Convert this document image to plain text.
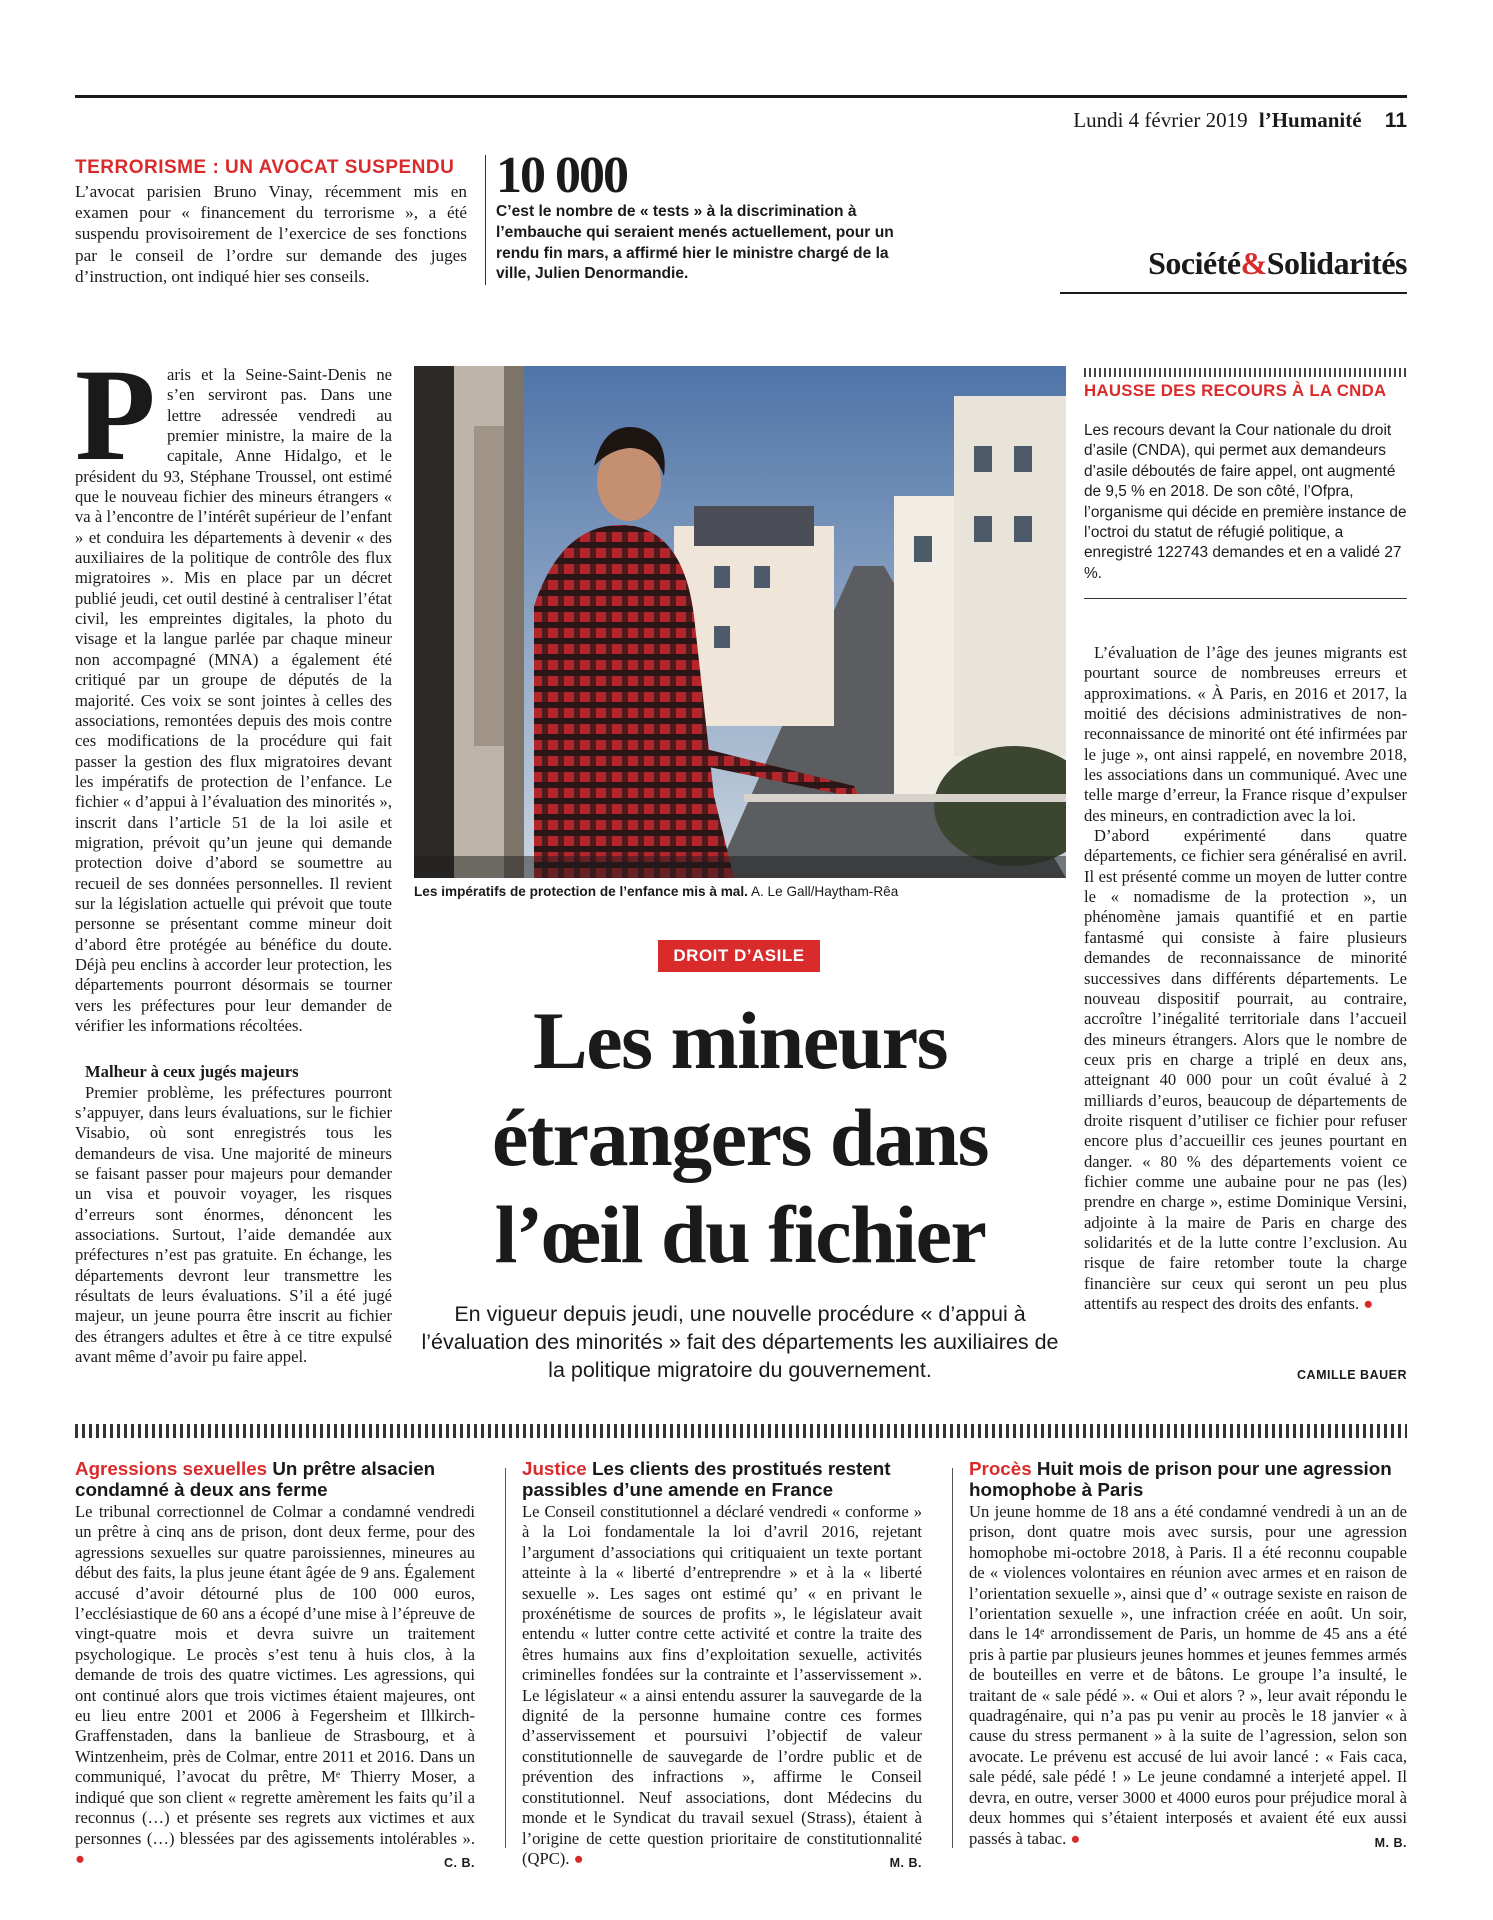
Lundi 4 février 2019 l’Humanité 11
TERRORISME : UN AVOCAT SUSPENDU
L’avocat parisien Bruno Vinay, récemment mis en examen pour « financement du terrorisme », a été suspendu provisoirement de l’exercice de ses fonctions par le conseil de l’ordre sur demande des juges d’instruction, ont indiqué hier ses conseils.
10 000
C’est le nombre de « tests » à la discrimination à l’embauche qui seraient menés actuellement, pour un rendu fin mars, a affirmé hier le ministre chargé de la ville, Julien Denormandie.	Société&Solidarités
P aris et la Seine-Saint-Denis ne s’en serviront pas. Dans une lettre adressée vendredi au premier ministre, la maire de la capitale, Anne Hidalgo, et le président du 93, Stéphane Troussel, ont estimé que le nouveau fichier des mineurs étrangers « va à l’encontre de l’intérêt supérieur de l’enfant » et conduira les départements à devenir « des auxiliaires de la politique de contrôle des flux migratoires ». Mis en place par un décret publié jeudi, cet outil destiné à centraliser l’état civil, les empreintes digitales, la photo du visage et la langue parlée par chaque mineur non accompagné (MNA) a également été critiqué par un groupe de députés de la majorité. Ces voix se sont jointes à celles des associations, remontées depuis des mois contre ces modifications de la procédure qui fait passer la gestion des flux migratoires devant les impératifs de protection de l’enfance. Le fichier « d’appui à l’évaluation des minorités », inscrit dans l’article 51 de la loi asile et migration, prévoit qu’un jeune qui demande protection doive d’abord se soumettre au recueil de ses données personnelles. Il revient sur la législation actuelle qui prévoit que toute personne se présentant comme mineur doit d’abord être protégée au bénéfice du doute. Déjà peu enclins à accorder leur protection, les départements pourront désormais se tourner vers les préfectures pour leur demander de vérifier les informations récoltées.

Malheur à ceux jugés majeurs

Premier problème, les préfectures pourront s’appuyer, dans leurs évaluations, sur le fichier Visabio, où sont enregistrés tous les demandeurs de visa. Une majorité de mineurs se faisant passer pour majeurs pour demander un visa et pouvoir voyager, les risques d’erreurs sont énormes, dénoncent les associations. Surtout, l’aide demandée aux préfectures n’est pas gratuite. En échange, les départements devront leur transmettre les résultats de leurs évaluations. S’il a été jugé majeur, un jeune pourra être inscrit au fichier des étrangers adultes et être à ce titre expulsé avant même d’avoir pu faire appel.

Les impératifs de protection de l’enfance mis à mal. A. Le Gall/Haytham-Rêa
DROIT D’ASILE
Les mineurs
étrangers dans
l’œil du fichier
En vigueur depuis jeudi, une nouvelle procédure « d’appui à l’évaluation des minorités » fait des départements les auxiliaires de la politique migratoire du gouvernement.
HAUSSE DES RECOURS À LA CNDA
Les recours devant la Cour nationale du droit d’asile (CNDA), qui permet aux demandeurs d’asile déboutés de faire appel, ont augmenté de 9,5 % en 2018. De son côté, l’Ofpra, l’organisme qui décide en première instance de l’octroi du statut de réfugié politique, a enregistré 122743 demandes et en a validé 27 %.

L’évaluation de l’âge des jeunes migrants est pourtant source de nombreuses erreurs et approximations. « À Paris, en 2016 et 2017, la moitié des décisions administratives de non-reconnaissance de minorité ont été infirmées par le juge », ont ainsi rappelé, en novembre 2018, les associations dans un communiqué. Avec une telle marge d’erreur, la France risque d’expulser des mineurs, en contradiction avec la loi.

D’abord expérimenté dans quatre départements, ce fichier sera généralisé en avril. Il est présenté comme un moyen de lutter contre le « nomadisme de la protection », un phénomène jamais quantifié et en partie fantasmé qui consiste à faire plusieurs demandes de reconnaissance de minorité successives dans différents départements. Le nouveau dispositif pourrait, au contraire, accroître l’inégalité territoriale dans l’accueil des mineurs étrangers. Alors que le nombre de ceux pris en charge a triplé en deux ans, atteignant 40 000 pour un coût évalué à 2 milliards d’euros, beaucoup de départements de droite risquent d’utiliser ce fichier pour refuser encore plus d’accueillir ces jeunes pourtant en danger. « 80 % des départements voient ce fichier comme une aubaine pour ne pas (les) prendre en charge », estime Dominique Versini, adjointe à la maire de Paris en charge des solidarités et de la lutte contre l’exclusion. Au risque de faire retomber toute la charge financière sur ceux qui seront un peu plus attentifs au respect des droits des enfants. ●

CAMILLE BAUER
Agressions sexuelles Un prêtre alsacien condamné à deux ans ferme
Le tribunal correctionnel de Colmar a condamné vendredi un prêtre à cinq ans de prison, dont deux ferme, pour des agressions sexuelles sur quatre paroissiennes, mineures au début des faits, la plus jeune étant âgée de 9 ans. Également accusé d’avoir détourné plus de 100 000 euros, l’ecclésiastique de 60 ans a écopé d’une mise à l’épreuve de vingt-quatre mois et devra suivre un traitement psychologique. Le procès s’est tenu à huis clos, à la demande de trois des quatre victimes. Les agressions, qui ont continué alors que trois victimes étaient majeures, ont eu lieu entre 2001 et 2006 à Fegersheim et Illkirch-Graffenstaden, dans la banlieue de Strasbourg, et à Wintzenheim, près de Colmar, entre 2011 et 2016. Dans un communiqué, l’avocat du prêtre, Mᵉ Thierry Moser, a indiqué que son client « regrette amèrement les faits qu’il a reconnus (…) et présente ses regrets aux victimes et aux personnes (…) blessées par des agissements intolérables ». ●	C. B.
Justice Les clients des prostitués restent passibles d’une amende en France
Le Conseil constitutionnel a déclaré vendredi « conforme » à la Loi fondamentale la loi d’avril 2016, rejetant l’argument d’associations qui critiquaient un texte portant atteinte à la « liberté d’entreprendre » et à la « liberté sexuelle ». Les sages ont estimé qu’ « en privant le proxénétisme de sources de profits », le législateur avait entendu « lutter contre cette activité et contre la traite des êtres humains aux fins d’exploitation sexuelle, activités criminelles fondées sur la contrainte et l’asservissement ». Le législateur « a ainsi entendu assurer la sauvegarde de la dignité de la personne humaine contre ces formes d’asservissement et poursuivi l’objectif de valeur constitutionnelle de sauvegarde de l’ordre public et de prévention des infractions », affirme le Conseil constitutionnel. Neuf associations, dont Médecins du monde et le Syndicat du travail sexuel (Strass), étaient à l’origine de cette question prioritaire de constitutionnalité (QPC). ●	M. B.
Procès Huit mois de prison pour une agression homophobe à Paris
Un jeune homme de 18 ans a été condamné vendredi à un an de prison, dont quatre mois avec sursis, pour une agression homophobe mi-octobre 2018, à Paris. Il a été reconnu coupable de « violences volontaires en réunion avec armes et en raison de l’orientation sexuelle », ainsi que d’ « outrage sexiste en raison de l’orientation sexuelle », une infraction créée en août. Un soir, dans le 14ᵉ arrondissement de Paris, un homme de 45 ans a été pris à partie par plusieurs jeunes hommes et jeunes femmes armés de bouteilles en verre et de bâtons. Le groupe l’a insulté, le traitant de « sale pédé ». « Oui et alors ? », leur avait répondu le quadragénaire, qui n’a pas pu venir au procès le 18 janvier « à cause du stress permanent » à la suite de l’agression, selon son avocate. Le prévenu est accusé de lui avoir lancé : « Fais caca, sale pédé, sale pédé ! » Le jeune condamné a interjeté appel. Il devra, en outre, verser 3000 et 4000 euros pour préjudice moral à deux hommes qui s’étaient interposés et avaient été eux aussi passés à tabac. ●	M. B.
